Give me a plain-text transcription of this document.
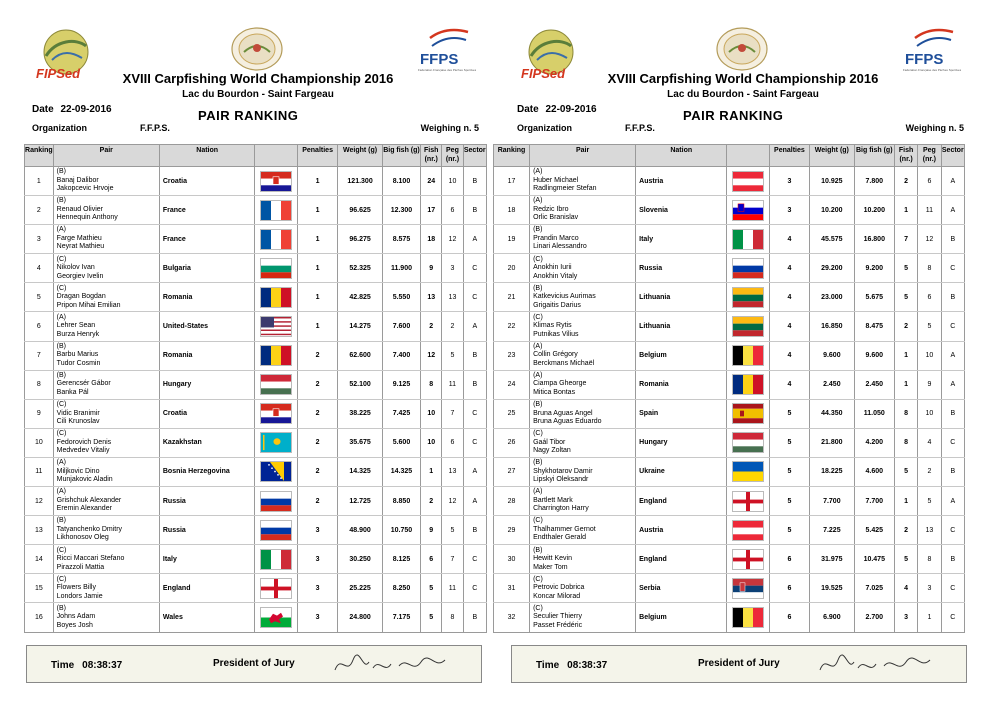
FIPSed
FFPS
Fédération Française des Pêches Sportives
XVIII Carpfishing World Championship 2016
Lac du Bourdon - Saint Fargeau
Date 22-09-2016	PAIR RANKING
Organization	F.F.P.S.	Weighing n. 5
Ranking	Pair	Nation		Penalties	Weight (g)	Big fish (g)	Fish (nr.)	Peg (nr.)	Sector
1	(B)
Banaj Dalibor
Jakopcevic Hrvoje	Croatia		1	121.300	8.100	24	10	B
2	(B)
Renaud Olivier
Hennequin Anthony	France		1	96.625	12.300	17	6	B
3	(A)
Farge Mathieu
Neyrat Mathieu	France		1	96.275	8.575	18	12	A
4	(C)
Nikolov Ivan
Georgiev Ivelin	Bulgaria		1	52.325	11.900	9	3	C
5	(C)
Dragan Bogdan
Pripon Mihai Emilian	Romania		1	42.825	5.550	13	13	C
6	(A)
Lehrer Sean
Burza Henryk	United-States		1	14.275	7.600	2	2	A
7	(B)
Barbu Marius
Tudor Cosmin	Romania		2	62.600	7.400	12	5	B
8	(B)
Gerencsér Gábor
Banka Pál	Hungary		2	52.100	9.125	8	11	B
9	(C)
Vidic Branimir
Cili Krunoslav	Croatia		2	38.225	7.425	10	7	C
10	(C)
Fedorovich Denis
Medvedev Vitaliy	Kazakhstan		2	35.675	5.600	10	6	C
11	(A)
Miljkovic Dino
Munjakovic Aladin	Bosnia Herzegovina		2	14.325	14.325	1	13	A
12	(A)
Grishchuk Alexander
Eremin Alexander	Russia		2	12.725	8.850	2	12	A
13	(B)
Tatyanchenko Dmitry
Likhonosov Oleg	Russia		3	48.900	10.750	9	5	B
14	(C)
Ricci Maccari Stefano
Pirazzoli Mattia	Italy		3	30.250	8.125	6	7	C
15	(C)
Flowers Billy
Londors Jamie	England		3	25.225	8.250	5	11	C
16	(B)
Johns Adam
Boyes Josh	Wales		3	24.800	7.175	5	8	B
Time 08:38:37	President of Jury
FIPSed
FFPS
Fédération Française des Pêches Sportives
XVIII Carpfishing World Championship 2016
Lac du Bourdon - Saint Fargeau
Date 22-09-2016	PAIR RANKING
Organization	F.F.P.S.	Weighing n. 5
Ranking	Pair	Nation		Penalties	Weight (g)	Big fish (g)	Fish (nr.)	Peg (nr.)	Sector
17	(A)
Huber Michael
Radlingmeier Stefan	Austria		3	10.925	7.800	2	6	A
18	(A)
Redzic Ibro
Orlic Branislav	Slovenia		3	10.200	10.200	1	11	A
19	(B)
Prandin Marco
Linari Alessandro	Italy		4	45.575	16.800	7	12	B
20	(C)
Anokhin Iurii
Anokhin Vitaly	Russia		4	29.200	9.200	5	8	C
21	(B)
Katkevicius Aurimas
Grigaitis Darius	Lithuania		4	23.000	5.675	5	6	B
22	(C)
Klimas Rytis
Putnikas Vilius	Lithuania		4	16.850	8.475	2	5	C
23	(A)
Collin Grégory
Berckmans Michaël	Belgium		4	9.600	9.600	1	10	A
24	(A)
Ciampa Gheorge
Mitica Bontas	Romania		4	2.450	2.450	1	9	A
25	(B)
Bruna Aguas Angel
Bruna Aguas Eduardo	Spain		5	44.350	11.050	8	10	B
26	(C)
Gaál Tibor
Nagy Zoltan	Hungary		5	21.800	4.200	8	4	C
27	(B)
Shykhotarov Damir
Lipskyi Oleksandr	Ukraine		5	18.225	4.600	5	2	B
28	(A)
Bartlett Mark
Charrington Harry	England		5	7.700	7.700	1	5	A
29	(C)
Thalhammer Gernot
Endthaler Gerald	Austria		5	7.225	5.425	2	13	C
30	(B)
Hewitt Kevin
Maker Tom	England		6	31.975	10.475	5	8	B
31	(C)
Petrovic Dobrica
Koncar Milorad	Serbia		6	19.525	7.025	4	3	C
32	(C)
Seculier Thierry
Passet Frédéric	Belgium		6	6.900	2.700	3	1	C
Time 08:38:37	President of Jury
